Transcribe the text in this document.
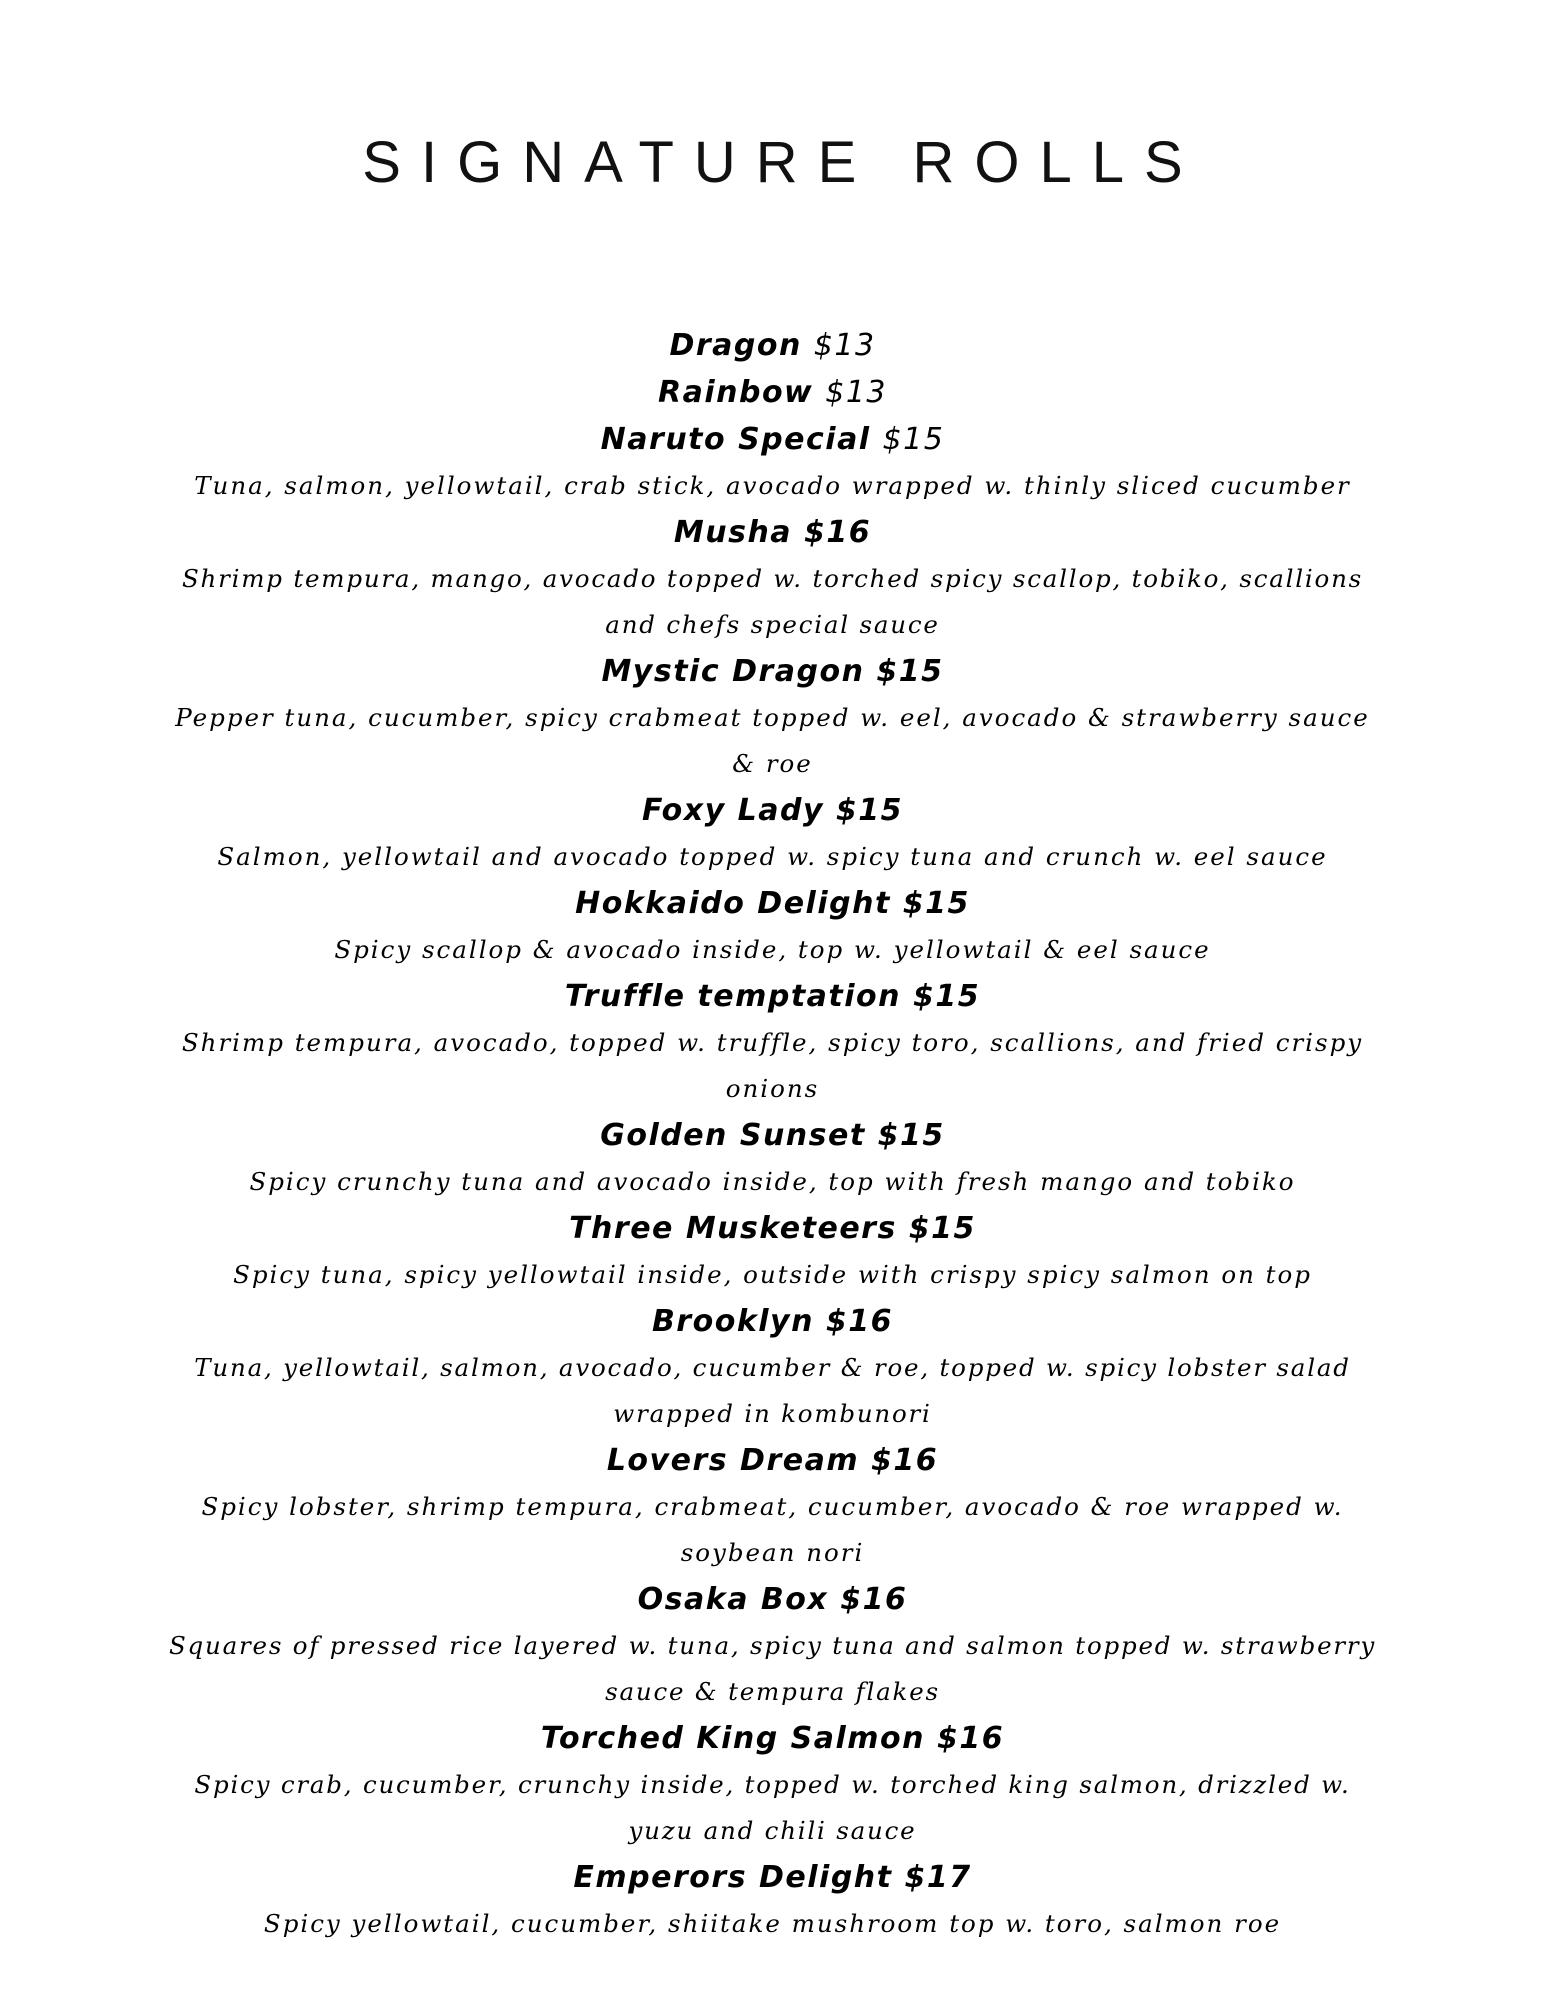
SIGNATURE ROLLS
Dragon $13
Rainbow $13
Naruto Special $15
Tuna, salmon, yellowtail, crab stick, avocado wrapped w. thinly sliced cucumber
Musha $16
Shrimp tempura, mango, avocado topped w. torched spicy scallop, tobiko, scallions and chefs special sauce
Mystic Dragon $15
Pepper tuna, cucumber, spicy crabmeat topped w. eel, avocado & strawberry sauce & roe
Foxy Lady $15
Salmon, yellowtail and avocado topped w. spicy tuna and crunch w. eel sauce
Hokkaido Delight $15
Spicy scallop & avocado inside, top w. yellowtail & eel sauce
Truffle temptation $15
Shrimp tempura, avocado, topped w. truffle, spicy toro, scallions, and fried crispy onions
Golden Sunset $15
Spicy crunchy tuna and avocado inside, top with fresh mango and tobiko
Three Musketeers $15
Spicy tuna, spicy yellowtail inside, outside with crispy spicy salmon on top
Brooklyn $16
Tuna, yellowtail, salmon, avocado, cucumber & roe, topped w. spicy lobster salad wrapped in kombunori
Lovers Dream $16
Spicy lobster, shrimp tempura, crabmeat, cucumber, avocado & roe wrapped w. soybean nori
Osaka Box $16
Squares of pressed rice layered w. tuna, spicy tuna and salmon topped w. strawberry sauce & tempura flakes
Torched King Salmon $16
Spicy crab, cucumber, crunchy inside, topped w. torched king salmon, drizzled w. yuzu and chili sauce
Emperors Delight $17
Spicy yellowtail, cucumber, shiitake mushroom top w. toro, salmon roe
